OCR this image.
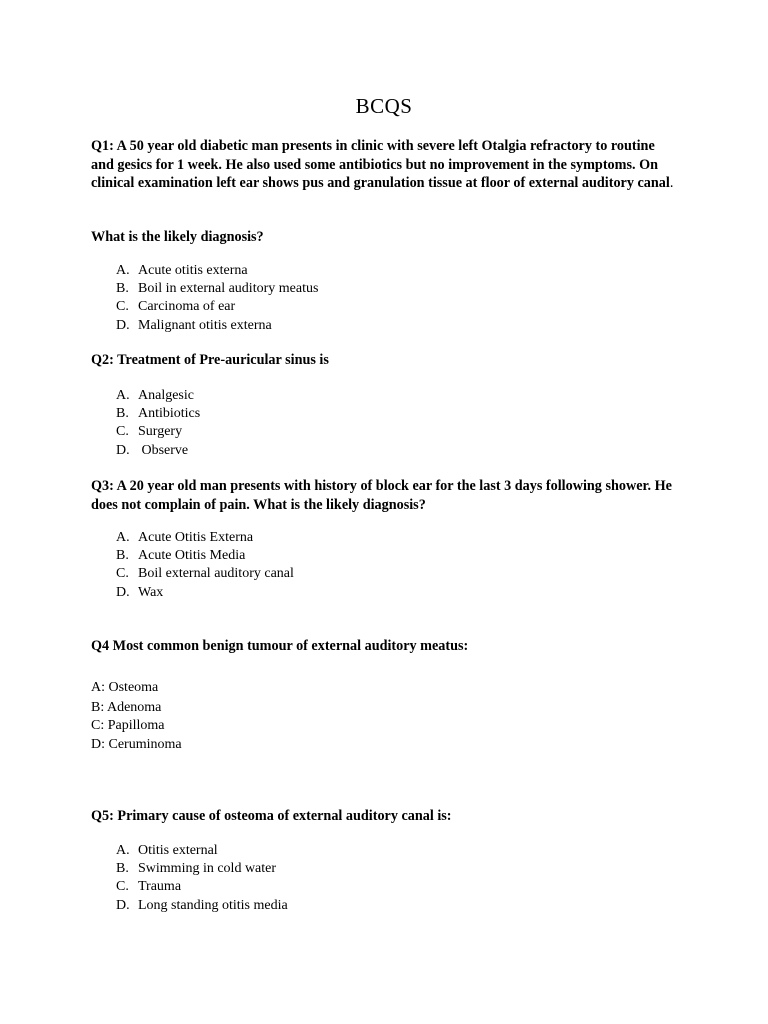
BCQS
Q1: A 50 year old diabetic man presents in clinic with severe left Otalgia refractory to routine and gesics for 1 week. He also used some antibiotics but no improvement in the symptoms. On clinical examination left ear shows pus and granulation tissue at floor of external auditory canal.
What is the likely diagnosis?
A. Acute otitis externa
B. Boil in external auditory meatus
C. Carcinoma of ear
D. Malignant otitis externa
Q2: Treatment of Pre-auricular sinus is
A. Analgesic
B. Antibiotics
C. Surgery
D. Observe
Q3: A 20 year old man presents with history of block ear for the last 3 days following shower. He does not complain of pain. What is the likely diagnosis?
A. Acute Otitis Externa
B. Acute Otitis Media
C. Boil external auditory canal
D. Wax
Q4 Most common benign tumour of external auditory meatus:
A: Osteoma
B: Adenoma
C: Papilloma
D: Ceruminoma
Q5: Primary cause of osteoma of external auditory canal is:
A. Otitis external
B. Swimming in cold water
C. Trauma
D. Long standing otitis media
